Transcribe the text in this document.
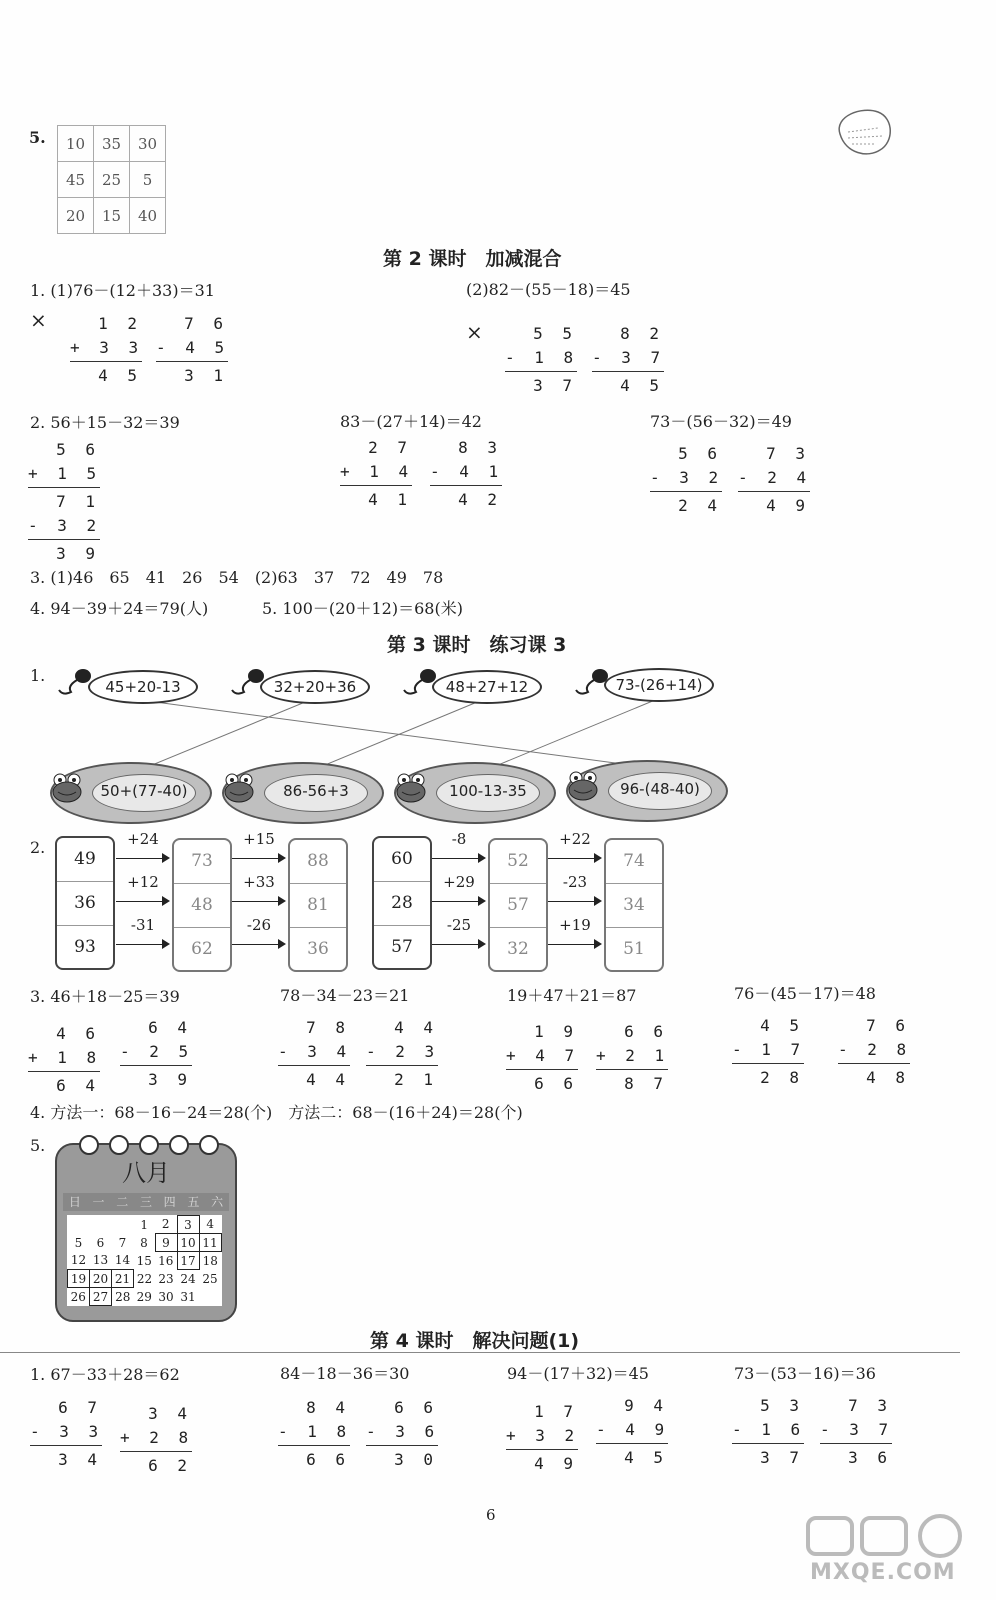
5. 10	35	30
45	25	5
20	15	40
第 2 课时　加减混合
1. (1)76－(12＋33)＝31	(2)82－(55－18)＝45
×	×
1 2
+ 3 3
4 5
7 6
- 4 5
3 1
5 5
- 1 8
3 7
8 2
- 3 7
4 5
2. 56＋15－32＝39	83－(27＋14)＝42	73－(56－32)＝49
5 6
+ 1 5
7 1
- 3 2
3 9
2 7
+ 1 4
4 1
8 3
- 4 1
4 2
5 6
- 3 2
2 4
7 3
- 2 4
4 9
3. (1)46　65　41　26　54　(2)63　37　72　49　78
4. 94－39＋24＝79(人)	5. 100－(20＋12)＝68(米)
第 3 课时　练习课 3
1.
45+20-13	32+20+36	48+27+12	73-(26+14)
50+(77-40)	86-56+3	100-13-35	96-(48-40)
2.
49
36
93
+24
+12
-31
73
48
62
+15
+33
-26
88
81
36
60
28
57
-8
+29
-25
52
57
32
+22
-23
+19
74
34
51
3. 46＋18－25＝39	78－34－23＝21	19＋47＋21＝87	76－(45－17)＝48
4 6
+ 1 8
6 4
6 4
- 2 5
3 9
7 8
- 3 4
4 4
4 4
- 2 3
2 1
1 9
+ 4 7
6 6
6 6
+ 2 1
8 7
4 5
- 1 7
2 8
7 6
- 2 8
4 8
4. 方法一：68－16－24＝28(个)　方法二：68－(16＋24)＝28(个)
5.
八月
日 一 二 三 四 五 六
			1	2	3	4
5	6	7	8	9	10	11
12	13	14	15	16	17	18
19	20	21	22	23	24	25
26	27	28	29	30	31	
第 4 课时　解决问题(1)
1. 67－33＋28＝62	84－18－36＝30	94－(17＋32)＝45	73－(53－16)＝36
6 7
- 3 3
3 4
3 4
+ 2 8
6 2
8 4
- 1 8
6 6
6 6
- 3 6
3 0
1 7
+ 3 2
4 9
9 4
- 4 9
4 5
5 3
- 1 6
3 7
7 3
- 3 7
3 6
6
MXQE.COM
